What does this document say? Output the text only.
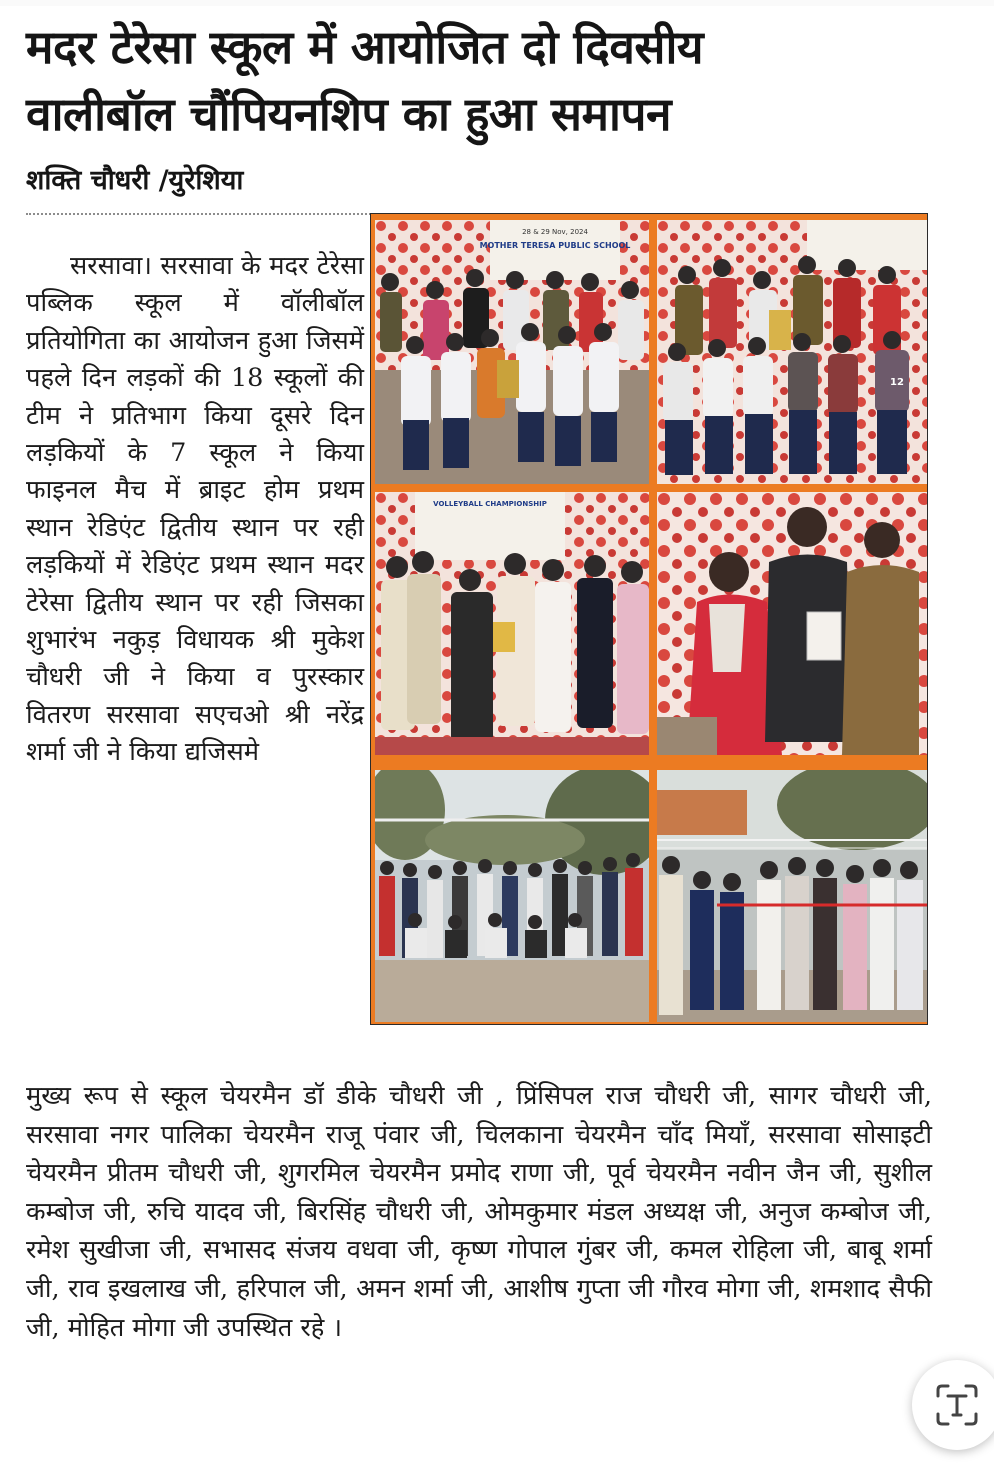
मदर टेरेसा स्कूल में आयोजित दो दिवसीय
वालीबॉल चौंपियनशिप का हुआ समापन
शक्ति चौधरी /युरेशिया

सरसावा। सरसावा के मदर टेरेसा पब्लिक स्कूल में वॉलीबॉल प्रतियोगिता का आयोजन हुआ जिसमें पहले दिन लड़कों की 18 स्कूलों की टीम ने प्रतिभाग किया दूसरे दिन लड़कियों के 7 स्कूल ने किया फाइनल मैच में ब्राइट होम प्रथम स्थान रेडिएंट द्वितीय स्थान पर रही लड़कियों में रेडिएंट प्रथम स्थान मदर टेरेसा द्वितीय स्थान पर रही जिसका शुभारंभ नकुड़ विधायक श्री मुकेश चौधरी जी ने किया व पुरस्कार वितरण सरसावा सएचओ श्री नरेंद्र शर्मा जी ने किया द्यजिसमे

28 & 29 Nov, 2024
MOTHER TERESA PUBLIC SCHOOL
12
VOLLEYBALL CHAMPIONSHIP

मुख्य रूप से स्कूल चेयरमैन डॉ डीके चौधरी जी , प्रिंसिपल राज चौधरी जी, सागर चौधरी जी, सरसावा नगर पालिका चेयरमैन राजू पंवार जी, चिलकाना चेयरमैन चाँद मियाँ, सरसावा सोसाइटी चेयरमैन प्रीतम चौधरी जी, शुगरमिल चेयरमैन प्रमोद राणा जी, पूर्व चेयरमैन नवीन जैन जी, सुशील कम्बोज जी, रुचि यादव जी, बिरसिंह चौधरी जी, ओमकुमार मंडल अध्यक्ष जी, अनुज कम्बोज जी, रमेश सुखीजा जी, सभासद संजय वधवा जी, कृष्ण गोपाल गुंबर जी, कमल रोहिला जी, बाबू शर्मा जी, राव इखलाख जी, हरिपाल जी, अमन शर्मा जी, आशीष गुप्ता जी गौरव मोगा जी, शमशाद सैफी जी, मोहित मोगा जी उपस्थित रहे ।
